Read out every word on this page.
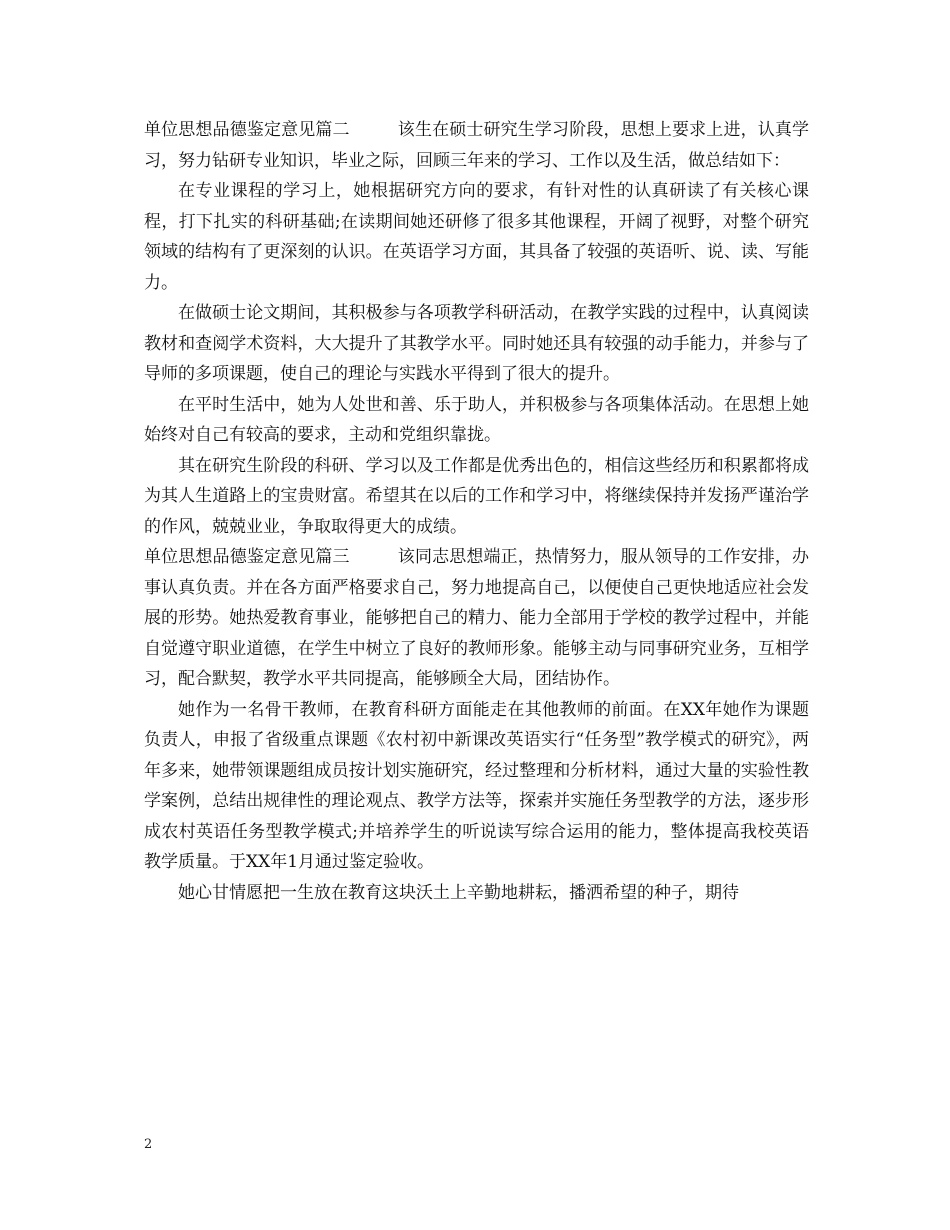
单位思想品德鉴定意见篇二	该生在硕士研究生学习阶段，思想上要求上进，认真学习，努力钻研专业知识，毕业之际，回顾三年来的学习、工作以及生活，做总结如下：

在专业课程的学习上，她根据研究方向的要求，有针对性的认真研读了有关核心课程，打下扎实的科研基础;在读期间她还研修了很多其他课程，开阔了视野，对整个研究领域的结构有了更深刻的认识。在英语学习方面，其具备了较强的英语听、说、读、写能力。

在做硕士论文期间，其积极参与各项教学科研活动，在教学实践的过程中，认真阅读教材和查阅学术资料，大大提升了其教学水平。同时她还具有较强的动手能力，并参与了导师的多项课题，使自己的理论与实践水平得到了很大的提升。

在平时生活中，她为人处世和善、乐于助人，并积极参与各项集体活动。在思想上她始终对自己有较高的要求，主动和党组织靠拢。

其在研究生阶段的科研、学习以及工作都是优秀出色的，相信这些经历和积累都将成为其人生道路上的宝贵财富。希望其在以后的工作和学习中，将继续保持并发扬严谨治学的作风，兢兢业业，争取取得更大的成绩。

单位思想品德鉴定意见篇三	该同志思想端正，热情努力，服从领导的工作安排，办事认真负责。并在各方面严格要求自己，努力地提高自己，以便使自己更快地适应社会发展的形势。她热爱教育事业，能够把自己的精力、能力全部用于学校的教学过程中，并能自觉遵守职业道德，在学生中树立了良好的教师形象。能够主动与同事研究业务，互相学习，配合默契，教学水平共同提高，能够顾全大局，团结协作。

她作为一名骨干教师，在教育科研方面能走在其他教师的前面。在XX年她作为课题负责人，申报了省级重点课题《农村初中新课改英语实行“任务型”教学模式的研究》，两年多来，她带领课题组成员按计划实施研究，经过整理和分析材料，通过大量的实验性教学案例，总结出规律性的理论观点、教学方法等，探索并实施任务型教学的方法，逐步形成农村英语任务型教学模式;并培养学生的听说读写综合运用的能力，整体提高我校英语教学质量。于XX年1月通过鉴定验收。

她心甘情愿把一生放在教育这块沃土上辛勤地耕耘，播洒希望的种子，期待

2
